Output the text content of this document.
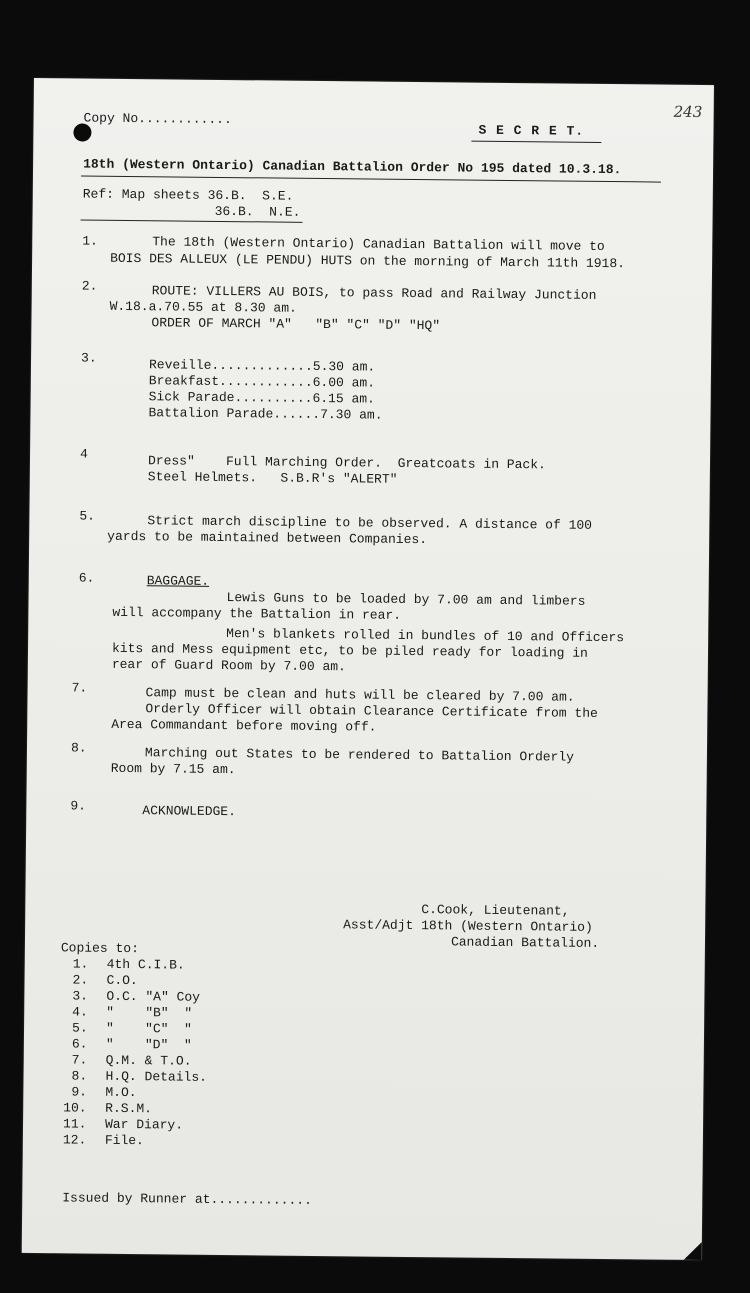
243
Copy No............
S E C R E T.
18th (Western Ontario) Canadian Battalion Order No 195 dated 10.3.18.
Ref: Map sheets 36.B.  S.E.
36.B.  N.E.
1.	The 18th (Western Ontario) Canadian Battalion will move to
BOIS DES ALLEUX (LE PENDU) HUTS on the morning of March 11th 1918.
2.	ROUTE: VILLERS AU BOIS, to pass Road and Railway Junction
W.18.a.70.55 at 8.30 am.
ORDER OF MARCH "A"   "B" "C" "D" "HQ"
3.	Reveille.............5.30 am.
Breakfast............6.00 am.
Sick Parade..........6.15 am.
Battalion Parade......7.30 am.
4	Dress"    Full Marching Order.  Greatcoats in Pack.
Steel Helmets.   S.B.R's "ALERT"
5.	Strict march discipline to be observed. A distance of 100
yards to be maintained between Companies.
6.	BAGGAGE.
Lewis Guns to be loaded by 7.00 am and limbers
will accompany the Battalion in rear.
Men's blankets rolled in bundles of 10 and Officers
kits and Mess equipment etc, to be piled ready for loading in
rear of Guard Room by 7.00 am.
7.	Camp must be clean and huts will be cleared by 7.00 am.
Orderly Officer will obtain Clearance Certificate from the
Area Commandant before moving off.
8.	Marching out States to be rendered to Battalion Orderly
Room by 7.15 am.
9.	ACKNOWLEDGE.
C.Cook, Lieutenant,
Asst/Adjt 18th (Western Ontario)
Canadian Battalion.
Copies to:
1. 4th C.I.B.
2. C.O.
3. O.C. "A" Coy
4. "    "B"  "
5. "    "C"  "
6. "    "D"  "
7. Q.M. & T.O.
8. H.Q. Details.
9. M.O.
10. R.S.M.
11. War Diary.
12. File.
Issued by Runner at.............
